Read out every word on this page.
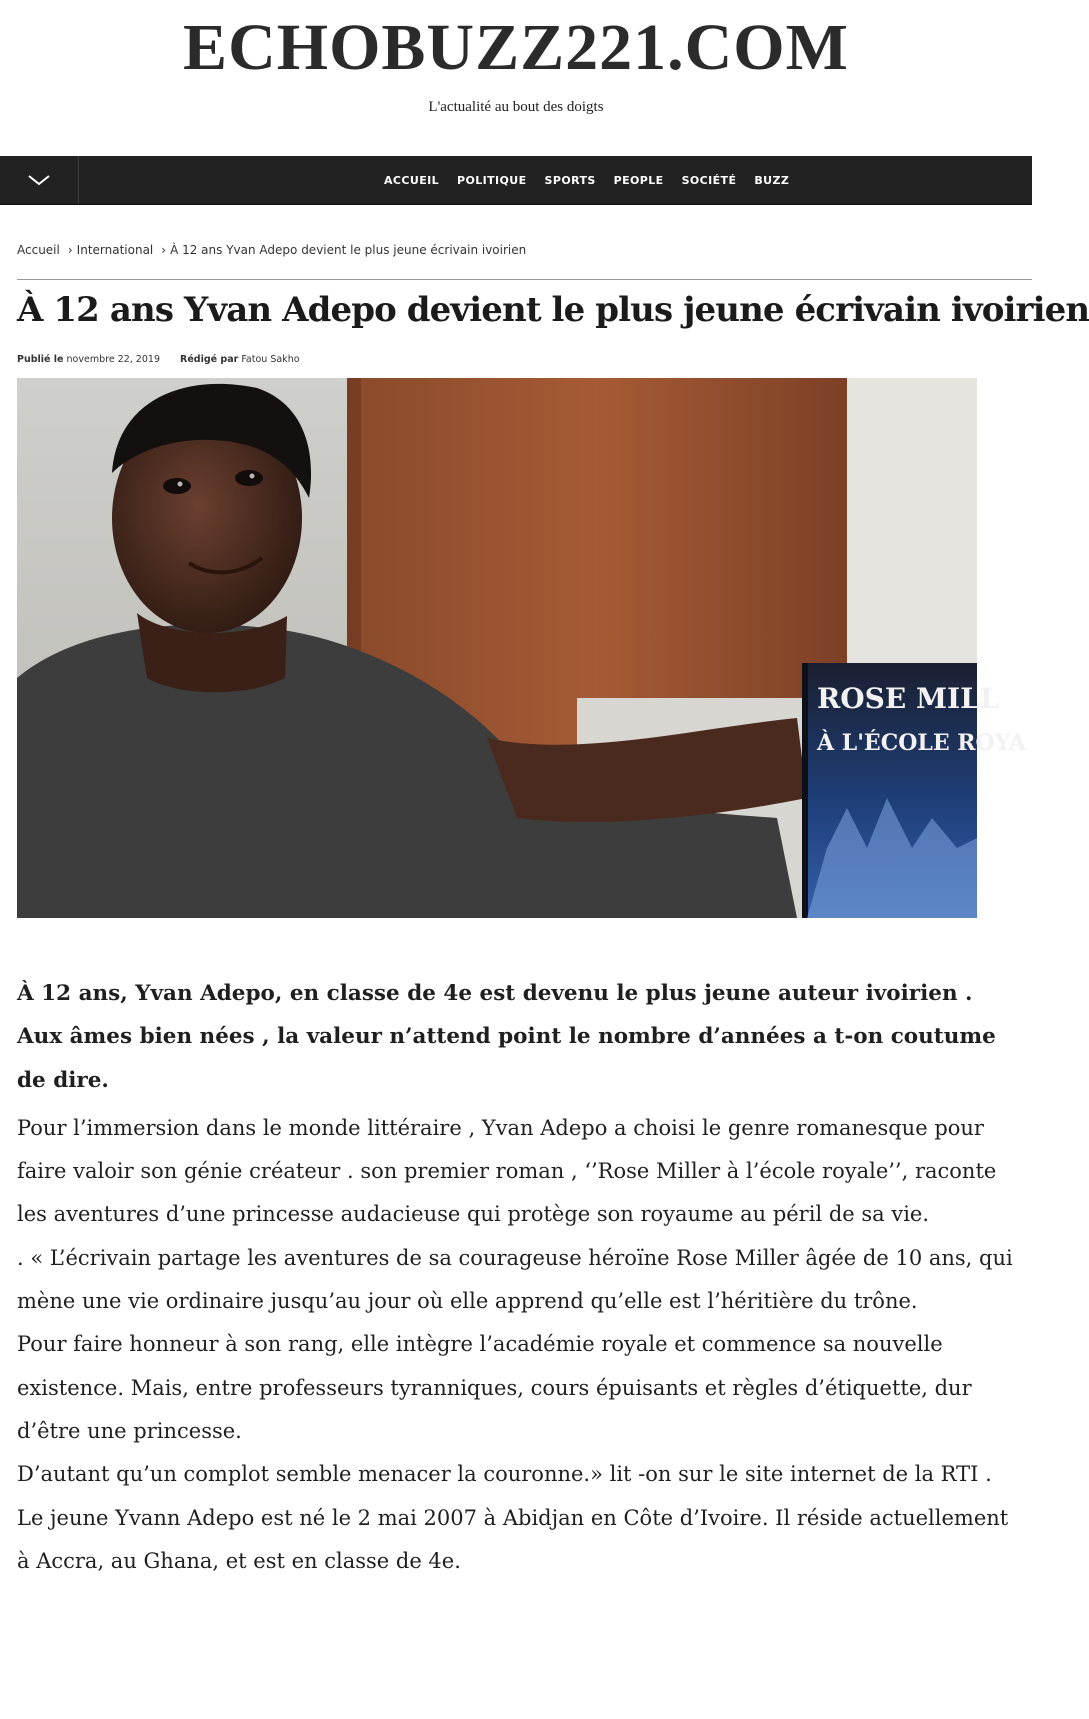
ECHOBUZZ221.COM
L'actualité au bout des doigts
ACCUEIL POLITIQUE SPORTS PEOPLE SOCIÉTÉ BUZZ
Accueil › International › À 12 ans Yvan Adepo devient le plus jeune écrivain ivoirien
À 12 ans Yvan Adepo devient le plus jeune écrivain ivoirien
Publié le novembre 22, 2019 Rédigé par Fatou Sakho
ROSE MILL
À L'ÉCOLE ROYA

À 12 ans, Yvan Adepo, en classe de 4e est devenu le plus jeune auteur ivoirien . Aux âmes bien nées , la valeur n’attend point le nombre d’années a t-on coutume de dire.

Pour l’immersion dans le monde littéraire , Yvan Adepo a choisi le genre romanesque pour faire valoir son génie créateur . son premier roman , ‘’Rose Miller à l’école royale’’, raconte les aventures d’une princesse audacieuse qui protège son royaume au péril de sa vie.

. « L’écrivain partage les aventures de sa courageuse héroïne Rose Miller âgée de 10 ans, qui mène une vie ordinaire jusqu’au jour où elle apprend qu’elle est l’héritière du trône.

Pour faire honneur à son rang, elle intègre l’académie royale et commence sa nouvelle existence. Mais, entre professeurs tyranniques, cours épuisants et règles d’étiquette, dur d’être une princesse.

D’autant qu’un complot semble menacer la couronne.» lit -on sur le site internet de la RTI .

Le jeune Yvann Adepo est né le 2 mai 2007 à Abidjan en Côte d’Ivoire. Il réside actuellement à Accra, au Ghana, et est en classe de 4e.
